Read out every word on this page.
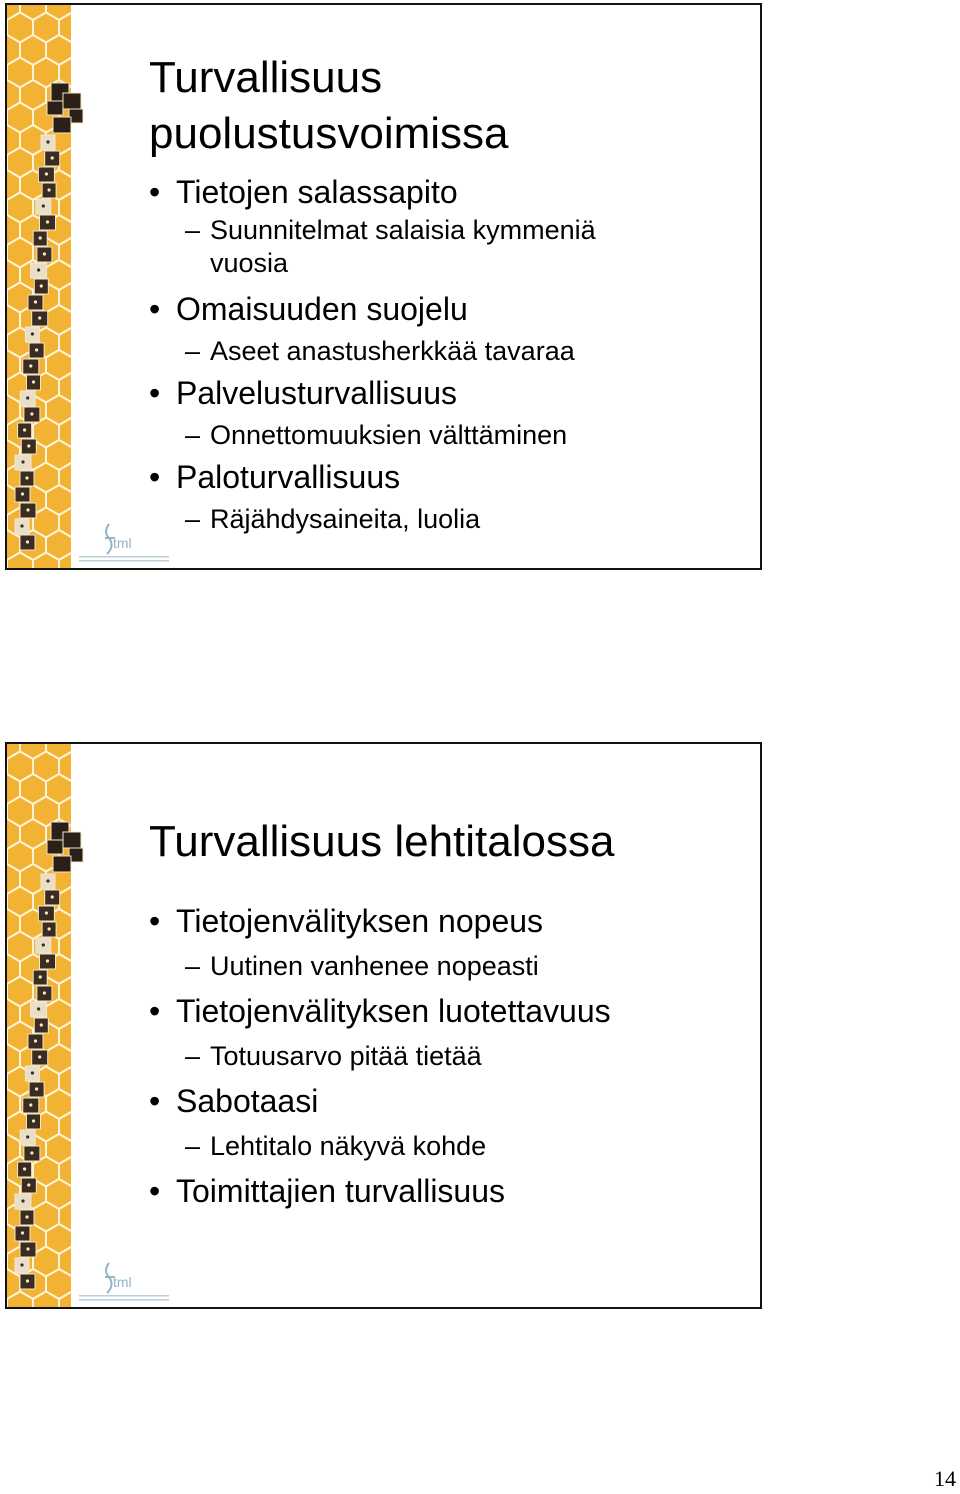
tml
Turvallisuus puolustusvoimissa
• Tietojen salassapito
– Suunnitelmat salaisia kymmeniä vuosia
• Omaisuuden suojelu
– Aseet anastusherkkää tavaraa
• Palvelusturvallisuus
– Onnettomuuksien välttäminen
• Paloturvallisuus
– Räjähdysaineita, luolia
tml
Turvallisuus lehtitalossa
• Tietojenvälityksen nopeus
– Uutinen vanhenee nopeasti
• Tietojenvälityksen luotettavuus
– Totuusarvo pitää tietää
• Sabotaasi
– Lehtitalo näkyvä kohde
• Toimittajien turvallisuus
14
